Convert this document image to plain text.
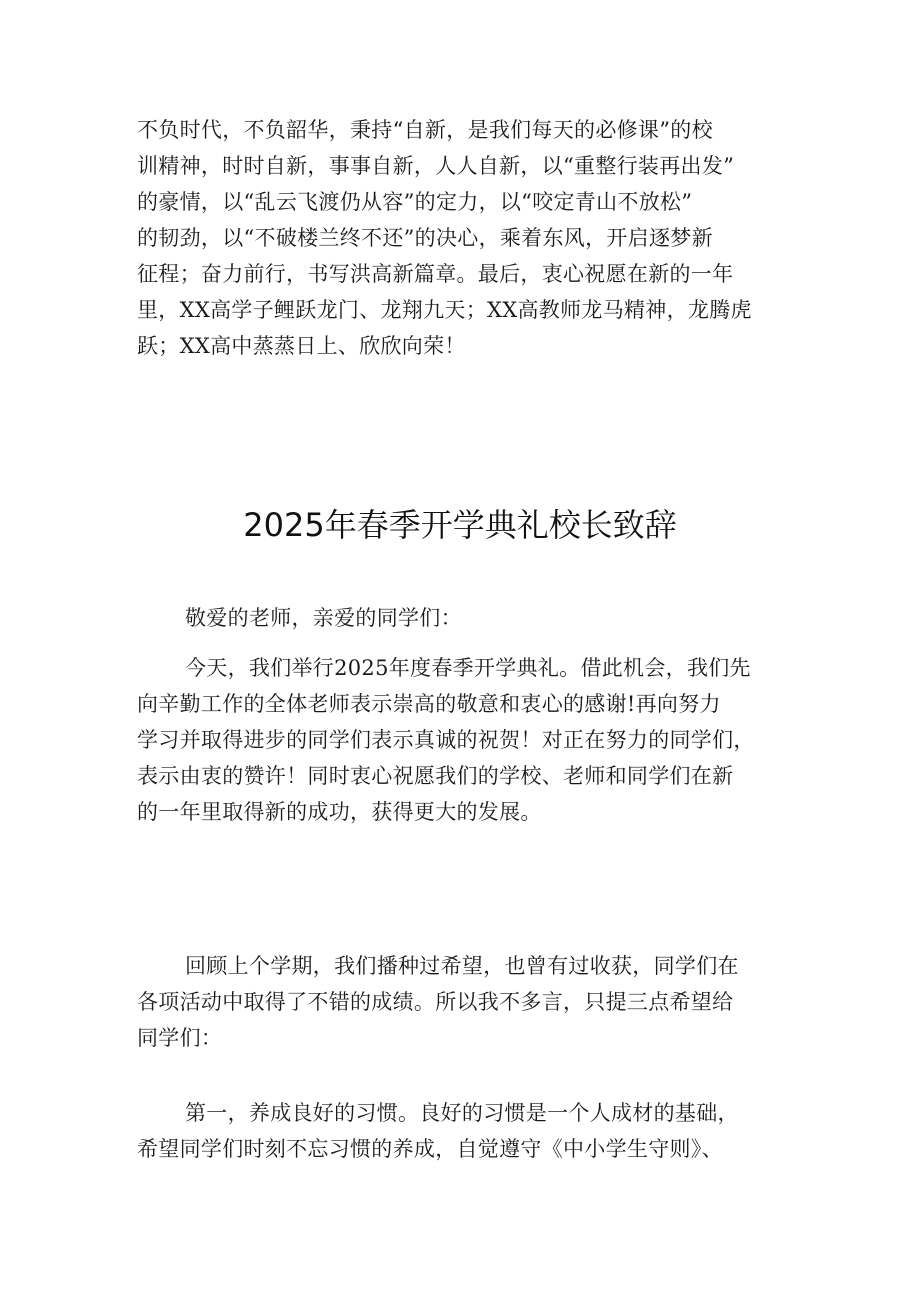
不负时代，不负韶华，秉持“自新，是我们每天的必修课”的校
训精神，时时自新，事事自新，人人自新，以“重整行装再出发”
的豪情，以“乱云飞渡仍从容”的定力，以“咬定青山不放松”
的韧劲，以“不破楼兰终不还”的决心，乘着东风，开启逐梦新
征程；奋力前行，书写洪高新篇章。最后，衷心祝愿在新的一年
里，XX高学子鲤跃龙门、龙翔九天；XX高教师龙马精神，龙腾虎
跃；XX高中蒸蒸日上、欣欣向荣！
2025年春季开学典礼校长致辞
敬爱的老师，亲爱的同学们：
今天，我们举行2025年度春季开学典礼。借此机会，我们先
向辛勤工作的全体老师表示崇高的敬意和衷心的感谢!再向努力
学习并取得进步的同学们表示真诚的祝贺！对正在努力的同学们，
表示由衷的赞许！同时衷心祝愿我们的学校、老师和同学们在新
的一年里取得新的成功，获得更大的发展。
回顾上个学期，我们播种过希望，也曾有过收获，同学们在
各项活动中取得了不错的成绩。所以我不多言，只提三点希望给
同学们：
第一，养成良好的习惯。良好的习惯是一个人成材的基础，
希望同学们时刻不忘习惯的养成，自觉遵守《中小学生守则》、
